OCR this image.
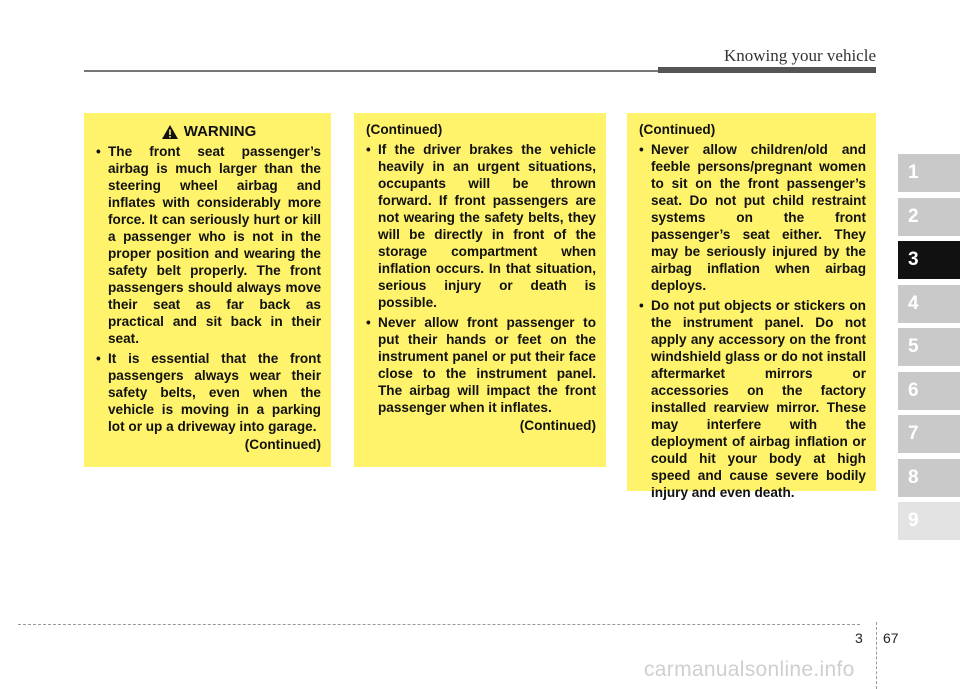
Knowing your vehicle
WARNING
• The front seat passenger’s airbag is much larger than the steering wheel airbag and inflates with considerably more force. It can seriously hurt or kill a passenger who is not in the proper position and wearing the safety belt properly. The front passengers should always move their seat as far back as practical and sit back in their seat.
• It is essential that the front passengers always wear their safety belts, even when the vehicle is moving in a parking lot or up a driveway into garage.
(Continued)
(Continued)
• If the driver brakes the vehicle heavily in an urgent situations, occupants will be thrown forward. If front passengers are not wearing the safety belts, they will be directly in front of the storage compartment when inflation occurs. In that situation, serious injury or death is possible.
• Never allow front passenger to put their hands or feet on the instrument panel or put their face close to the instrument panel. The airbag will impact the front passenger when it inflates.
(Continued)
(Continued)
• Never allow children/old and feeble persons/pregnant women to sit on the front passenger’s seat. Do not put child restraint systems on the front passenger’s seat either. They may be seriously injured by the airbag inflation when airbag deploys.
• Do not put objects or stickers on the instrument panel. Do not apply any accessory on the front windshield glass or do not install aftermarket mirrors or accessories on the factory installed rearview mirror. These may interfere with the deployment of airbag inflation or could hit your body at high speed and cause severe bodily injury and even death.
1
2
3
4
5
6
7
8
9
3 67
carmanualsonline.info
